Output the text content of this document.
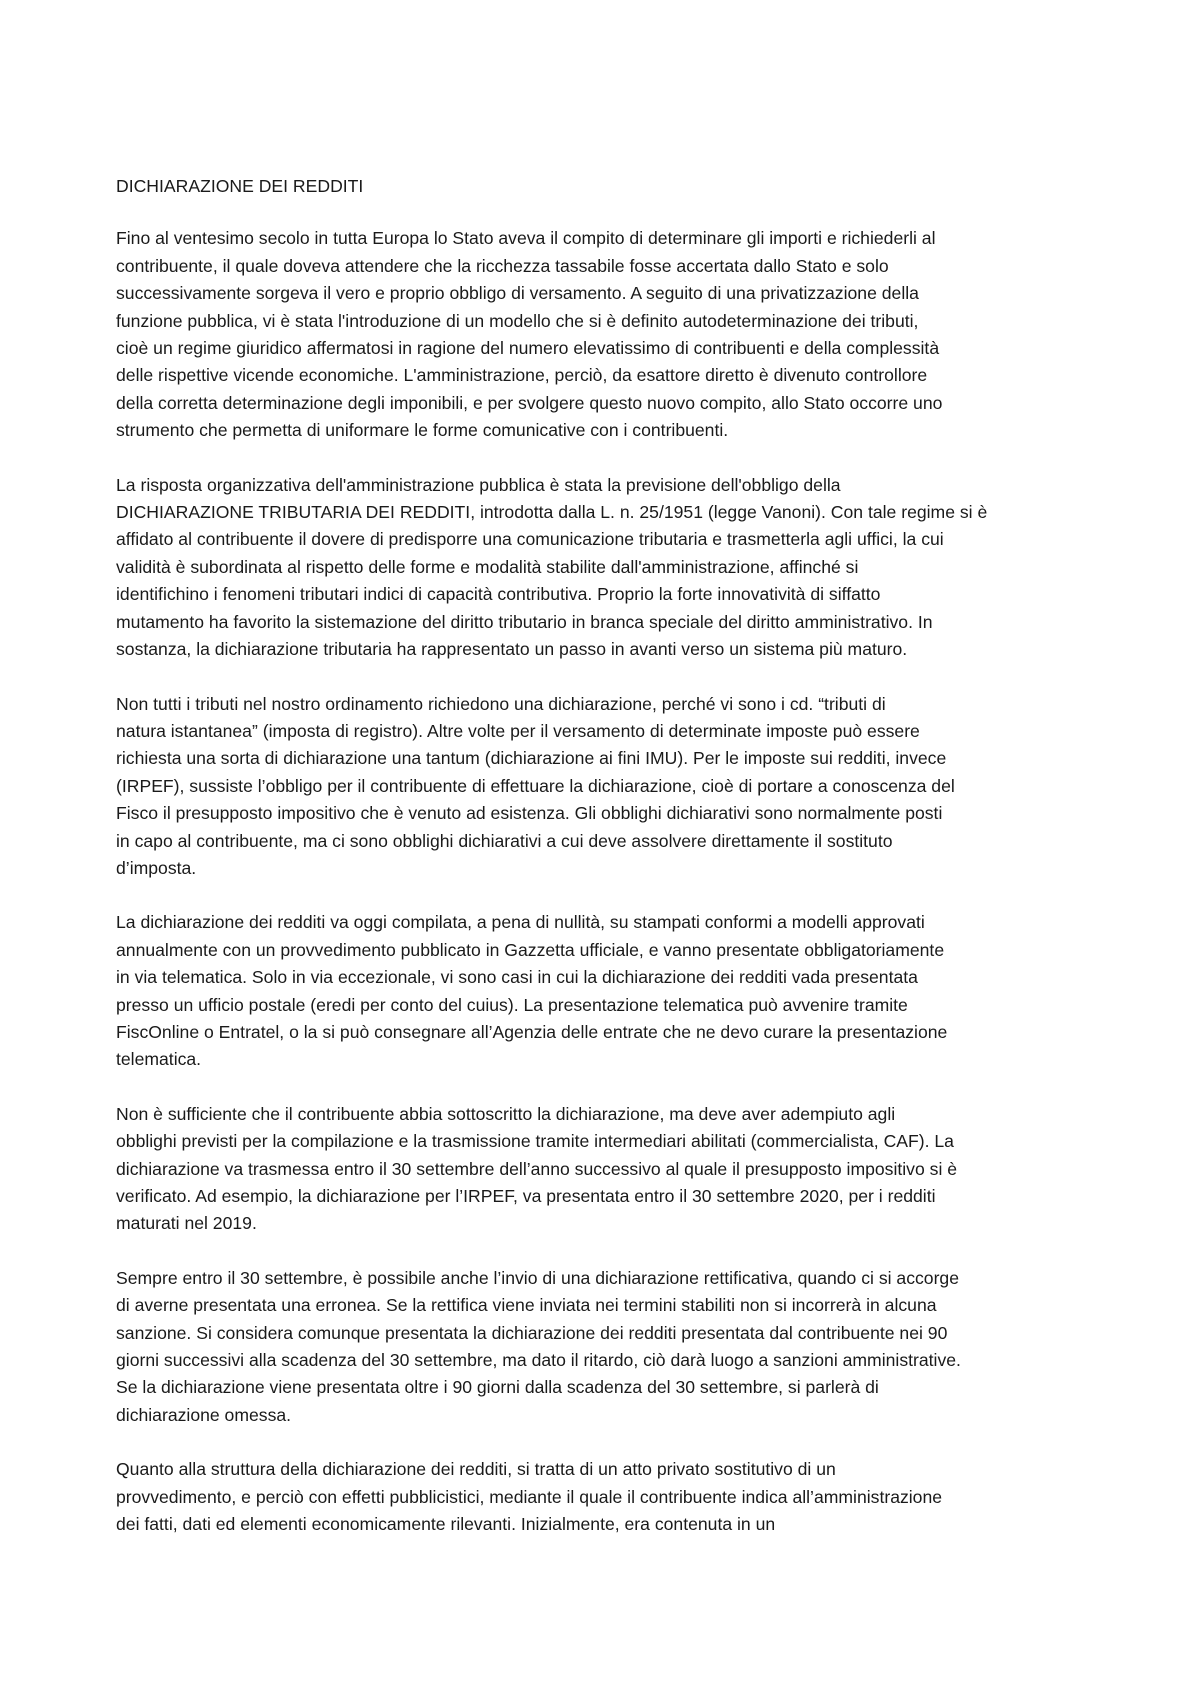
DICHIARAZIONE DEI REDDITI
Fino al ventesimo secolo in tutta Europa lo Stato aveva il compito di determinare gli importi e richiederli al
contribuente, il quale doveva attendere che la ricchezza tassabile fosse accertata dallo Stato e solo
successivamente sorgeva il vero e proprio obbligo di versamento. A seguito di una privatizzazione della
funzione pubblica, vi è stata l'introduzione di un modello che si è definito autodeterminazione dei tributi,
cioè un regime giuridico affermatosi in ragione del numero elevatissimo di contribuenti e della complessità
delle rispettive vicende economiche. L'amministrazione, perciò, da esattore diretto è divenuto controllore
della corretta determinazione degli imponibili, e per svolgere questo nuovo compito, allo Stato occorre uno
strumento che permetta di uniformare le forme comunicative con i contribuenti.
La risposta organizzativa dell'amministrazione pubblica è stata la previsione dell'obbligo della
DICHIARAZIONE TRIBUTARIA DEI REDDITI, introdotta dalla L. n. 25/1951 (legge Vanoni). Con tale regime si è
affidato al contribuente il dovere di predisporre una comunicazione tributaria e trasmetterla agli uffici, la cui
validità è subordinata al rispetto delle forme e modalità stabilite dall'amministrazione, affinché si
identifichino i fenomeni tributari indici di capacità contributiva. Proprio la forte innovatività di siffatto
mutamento ha favorito la sistemazione del diritto tributario in branca speciale del diritto amministrativo. In
sostanza, la dichiarazione tributaria ha rappresentato un passo in avanti verso un sistema più maturo.
Non tutti i tributi nel nostro ordinamento richiedono una dichiarazione, perché vi sono i cd. “tributi di
natura istantanea” (imposta di registro). Altre volte per il versamento di determinate imposte può essere
richiesta una sorta di dichiarazione una tantum (dichiarazione ai fini IMU). Per le imposte sui redditi, invece
(IRPEF), sussiste l’obbligo per il contribuente di effettuare la dichiarazione, cioè di portare a conoscenza del
Fisco il presupposto impositivo che è venuto ad esistenza. Gli obblighi dichiarativi sono normalmente posti
in capo al contribuente, ma ci sono obblighi dichiarativi a cui deve assolvere direttamente il sostituto
d’imposta.
La dichiarazione dei redditi va oggi compilata, a pena di nullità, su stampati conformi a modelli approvati
annualmente con un provvedimento pubblicato in Gazzetta ufficiale, e vanno presentate obbligatoriamente
in via telematica. Solo in via eccezionale, vi sono casi in cui la dichiarazione dei redditi vada presentata
presso un ufficio postale (eredi per conto del cuius). La presentazione telematica può avvenire tramite
FiscOnline o Entratel, o la si può consegnare all’Agenzia delle entrate che ne devo curare la presentazione
telematica.
Non è sufficiente che il contribuente abbia sottoscritto la dichiarazione, ma deve aver adempiuto agli
obblighi previsti per la compilazione e la trasmissione tramite intermediari abilitati (commercialista, CAF). La
dichiarazione va trasmessa entro il 30 settembre dell’anno successivo al quale il presupposto impositivo si è
verificato. Ad esempio, la dichiarazione per l’IRPEF, va presentata entro il 30 settembre 2020, per i redditi
maturati nel 2019.
Sempre entro il 30 settembre, è possibile anche l’invio di una dichiarazione rettificativa, quando ci si accorge
di averne presentata una erronea. Se la rettifica viene inviata nei termini stabiliti non si incorrerà in alcuna
sanzione. Si considera comunque presentata la dichiarazione dei redditi presentata dal contribuente nei 90
giorni successivi alla scadenza del 30 settembre, ma dato il ritardo, ciò darà luogo a sanzioni amministrative.
Se la dichiarazione viene presentata oltre i 90 giorni dalla scadenza del 30 settembre, si parlerà di
dichiarazione omessa.
Quanto alla struttura della dichiarazione dei redditi, si tratta di un atto privato sostitutivo di un
provvedimento, e perciò con effetti pubblicistici, mediante il quale il contribuente indica all’amministrazione
dei fatti, dati ed elementi economicamente rilevanti. Inizialmente, era contenuta in un
